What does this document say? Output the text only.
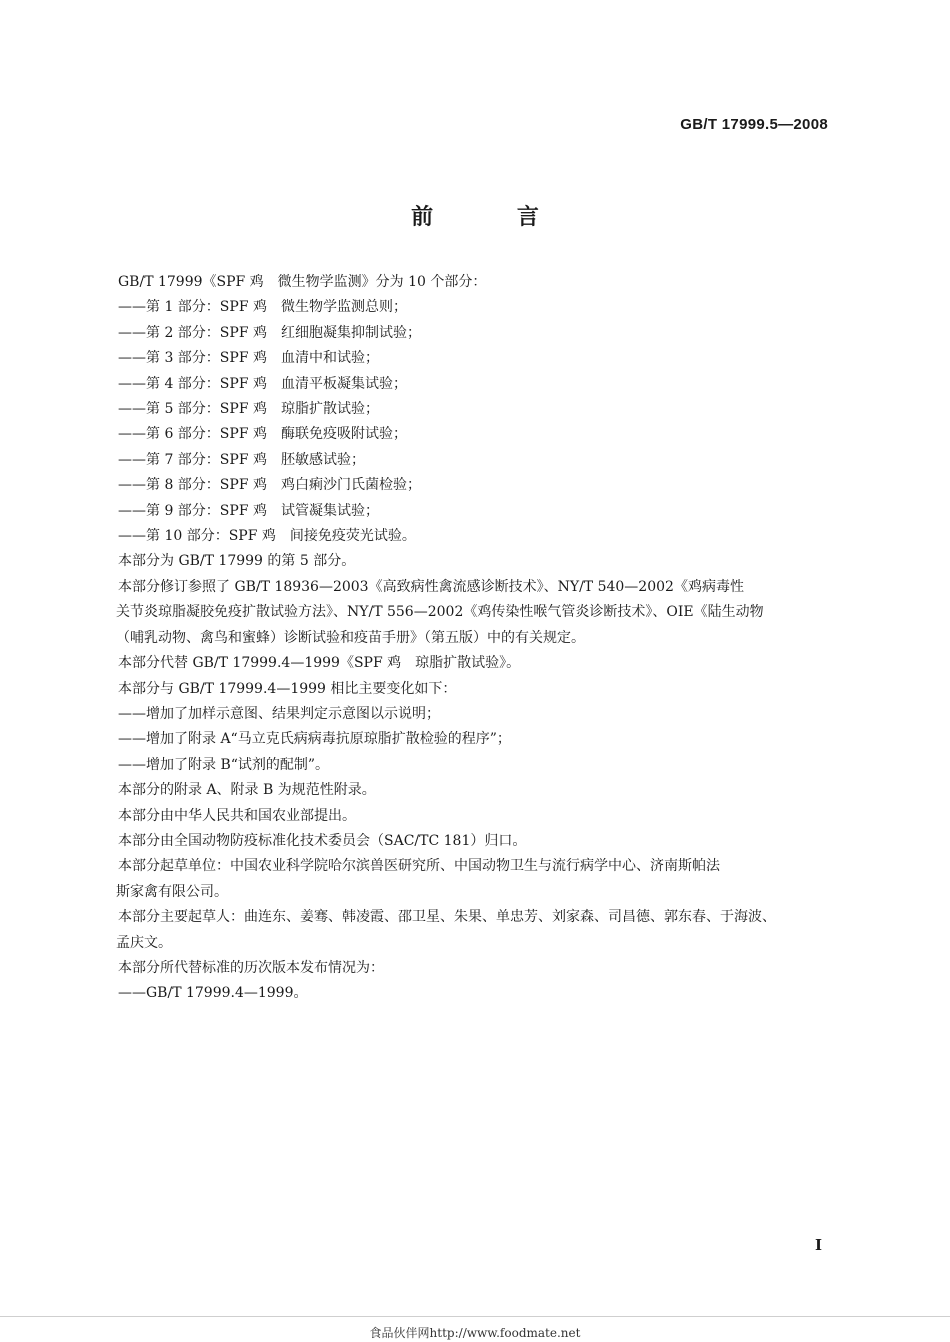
GB/T 17999.5—2008
前 言

GB/T 17999《SPF 鸡　微生物学监测》分为 10 个部分：

——第 1 部分：SPF 鸡　微生物学监测总则；

——第 2 部分：SPF 鸡　红细胞凝集抑制试验；

——第 3 部分：SPF 鸡　血清中和试验；

——第 4 部分：SPF 鸡　血清平板凝集试验；

——第 5 部分：SPF 鸡　琼脂扩散试验；

——第 6 部分：SPF 鸡　酶联免疫吸附试验；

——第 7 部分：SPF 鸡　胚敏感试验；

——第 8 部分：SPF 鸡　鸡白痢沙门氏菌检验；

——第 9 部分：SPF 鸡　试管凝集试验；

——第 10 部分：SPF 鸡　间接免疫荧光试验。

本部分为 GB/T 17999 的第 5 部分。

本部分修订参照了 GB/T 18936—2003《高致病性禽流感诊断技术》、NY/T 540—2002《鸡病毒性

关节炎琼脂凝胶免疫扩散试验方法》、NY/T 556—2002《鸡传染性喉气管炎诊断技术》、OIE《陆生动物

（哺乳动物、禽鸟和蜜蜂）诊断试验和疫苗手册》（第五版）中的有关规定。

本部分代替 GB/T 17999.4—1999《SPF 鸡　琼脂扩散试验》。

本部分与 GB/T 17999.4—1999 相比主要变化如下：

——增加了加样示意图、结果判定示意图以示说明；

——增加了附录 A“马立克氏病病毒抗原琼脂扩散检验的程序”；

——增加了附录 B“试剂的配制”。

本部分的附录 A、附录 B 为规范性附录。

本部分由中华人民共和国农业部提出。

本部分由全国动物防疫标准化技术委员会（SAC/TC 181）归口。

本部分起草单位：中国农业科学院哈尔滨兽医研究所、中国动物卫生与流行病学中心、济南斯帕法

斯家禽有限公司。

本部分主要起草人：曲连东、姜骞、韩凌霞、邵卫星、朱果、单忠芳、刘家森、司昌德、郭东春、于海波、

孟庆文。

本部分所代替标准的历次版本发布情况为：

——GB/T 17999.4—1999。

I
食品伙伴网http://www.foodmate.net
